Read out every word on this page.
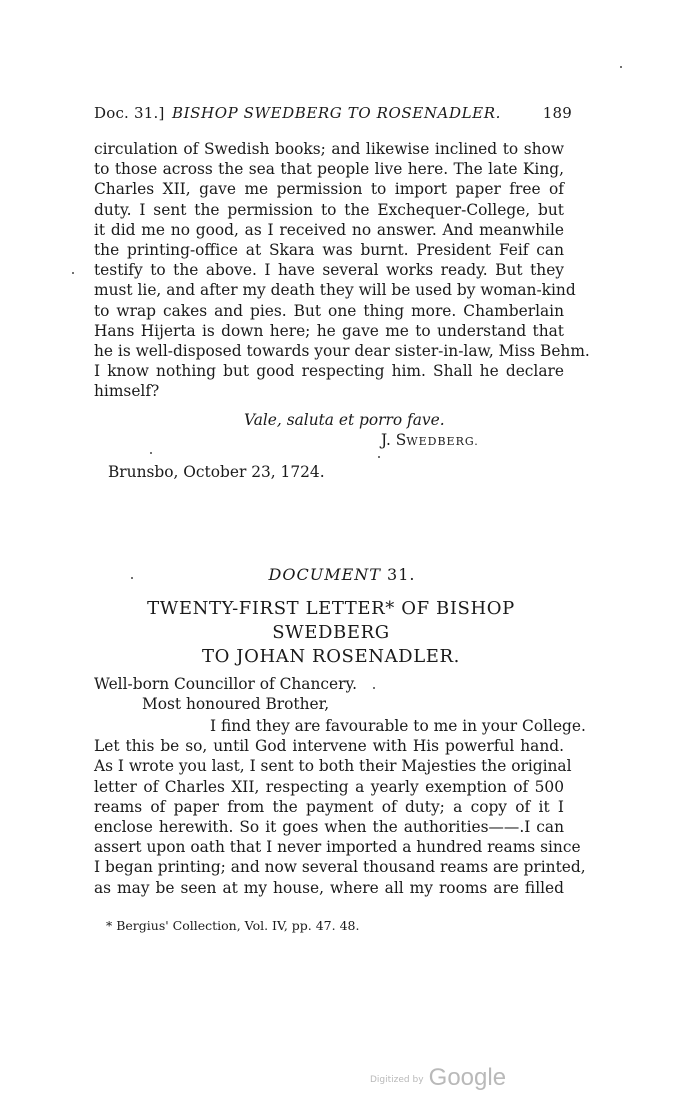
Doc. 31.] BISHOP SWEDBERG TO ROSENADLER.	189
circulation of Swedish books; and likewise inclined to show
to those across the sea that people live here. The late King,
Charles XII, gave me permission to import paper free of
duty. I sent the permission to the Exchequer-College, but
it did me no good, as I received no answer. And meanwhile
the printing-office at Skara was burnt. President Feif can
testify to the above. I have several works ready. But they
must lie, and after my death they will be used by woman-kind
to wrap cakes and pies. But one thing more. Chamberlain
Hans Hijerta is down here; he gave me to understand that
he is well-disposed towards your dear sister-in-law, Miss Behm.
I know nothing but good respecting him. Shall he declare
himself?
Vale, saluta et porro fave.
J. SWEDBERG.
Brunsbo, October 23, 1724.
DOCUMENT 31.
TWENTY-FIRST LETTER* OF BISHOP SWEDBERG
TO JOHAN ROSENADLER.
Well-born Councillor of Chancery.
Most honoured Brother,
I find they are favourable to me in your College.
Let this be so, until God intervene with His powerful hand.
As I wrote you last, I sent to both their Majesties the original
letter of Charles XII, respecting a yearly exemption of 500
reams of paper from the payment of duty; a copy of it I
enclose herewith. So it goes when the authorities——.I can
assert upon oath that I never imported a hundred reams since
I began printing; and now several thousand reams are printed,
as may be seen at my house, where all my rooms are filled
* Bergius' Collection, Vol. IV, pp. 47. 48.
Digitized by Google
